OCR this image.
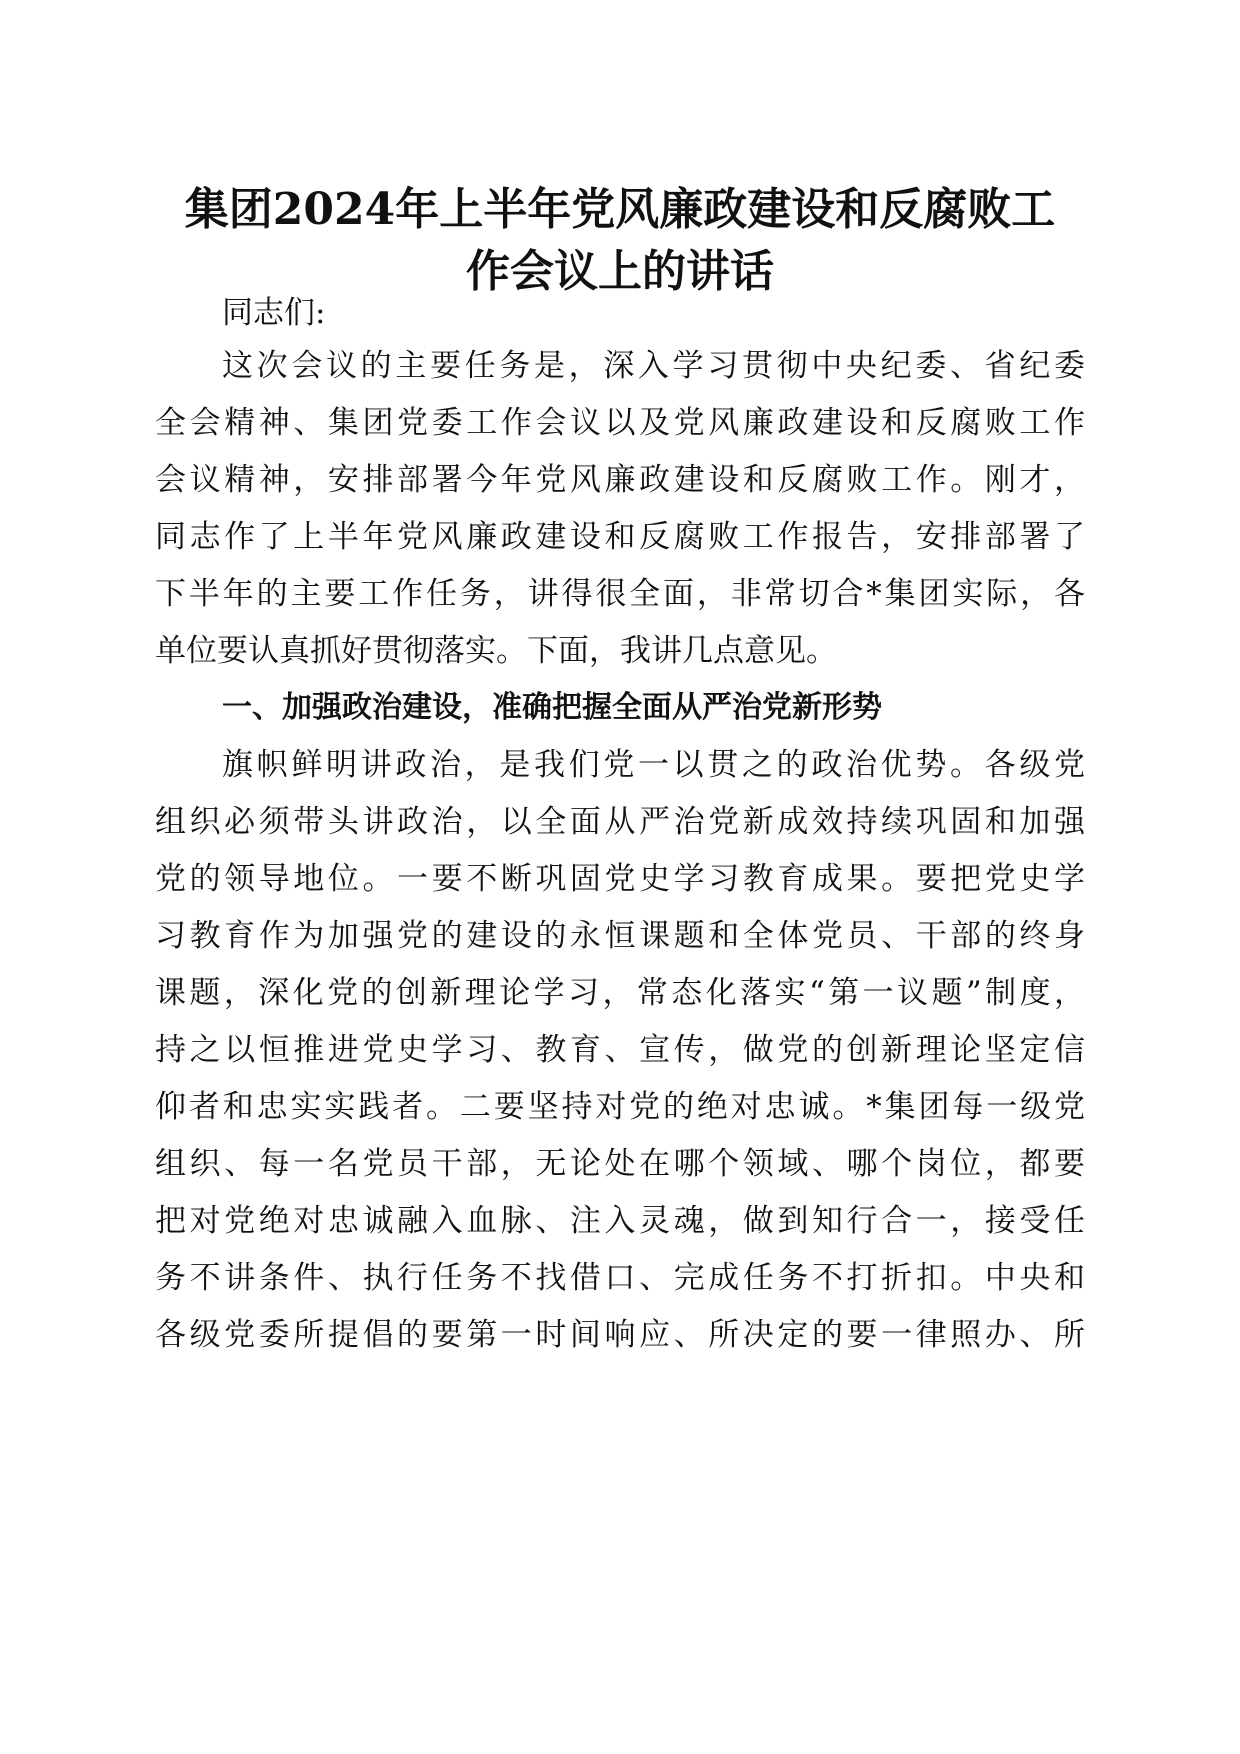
集团2024年上半年党风廉政建设和反腐败工
作会议上的讲话

同志们:

这次会议的主要任务是，深入学习贯彻中央纪委、省纪委

全会精神、集团党委工作会议以及党风廉政建设和反腐败工作

会议精神，安排部署今年党风廉政建设和反腐败工作。刚才，

同志作了上半年党风廉政建设和反腐败工作报告，安排部署了

下半年的主要工作任务，讲得很全面，非常切合*集团实际，各

单位要认真抓好贯彻落实。下面，我讲几点意见。

一、加强政治建设，准确把握全面从严治党新形势

旗帜鲜明讲政治，是我们党一以贯之的政治优势。各级党

组织必须带头讲政治，以全面从严治党新成效持续巩固和加强

党的领导地位。一要不断巩固党史学习教育成果。要把党史学

习教育作为加强党的建设的永恒课题和全体党员、干部的终身

课题，深化党的创新理论学习，常态化落实“第一议题”制度，

持之以恒推进党史学习、教育、宣传，做党的创新理论坚定信

仰者和忠实实践者。二要坚持对党的绝对忠诚。*集团每一级党

组织、每一名党员干部，无论处在哪个领域、哪个岗位，都要

把对党绝对忠诚融入血脉、注入灵魂，做到知行合一，接受任

务不讲条件、执行任务不找借口、完成任务不打折扣。中央和

各级党委所提倡的要第一时间响应、所决定的要一律照办、所
